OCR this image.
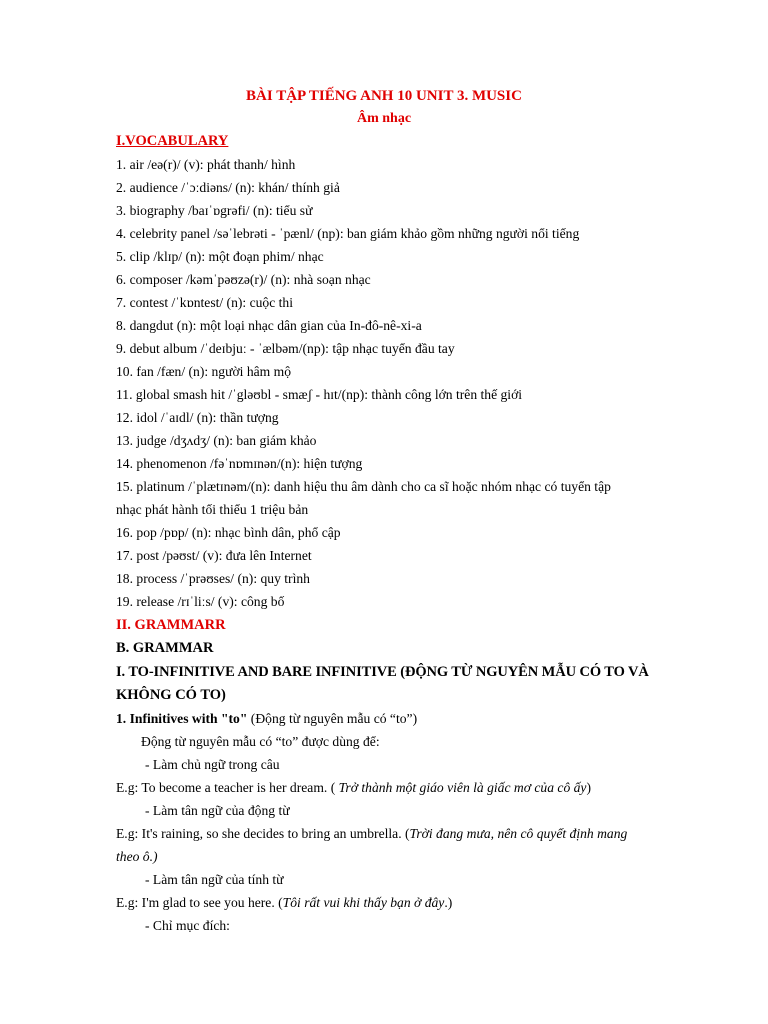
BÀI TẬP TIẾNG ANH 10 UNIT 3. MUSIC
Âm nhạc
I.VOCABULARY
1. air /eə(r)/ (v): phát thanh/ hình
2. audience /ˈɔːdiəns/ (n): khán/ thính giả
3. biography /baɪˈɒgrəfi/ (n): tiểu sử
4. celebrity panel /səˈlebrəti - ˈpænl/ (np): ban giám khảo gồm những người nổi tiếng
5. clip /klɪp/ (n): một đoạn phim/ nhạc
6. composer /kəmˈpəʊzə(r)/ (n): nhà soạn nhạc
7. contest /ˈkɒntest/ (n): cuộc thi
8. dangdut (n): một loại nhạc dân gian của In-đô-nê-xi-a
9. debut album /ˈdeɪbjuː - ˈælbəm/(np): tập nhạc tuyển đầu tay
10. fan /fæn/ (n): người hâm mộ
11. global smash hit /ˈgləʊbl - smæʃ - hɪt/(np): thành công lớn trên thế giới
12. idol /ˈaɪdl/ (n): thần tượng
13. judge /dʒʌdʒ/ (n): ban giám khảo
14. phenomenon /fəˈnɒmɪnən/(n): hiện tượng
15. platinum /ˈplætɪnəm/(n): danh hiệu thu âm dành cho ca sĩ hoặc nhóm nhạc có tuyển tập
nhạc phát hành tối thiểu 1 triệu bản
16. pop /pɒp/ (n): nhạc bình dân, phổ cập
17. post /pəʊst/ (v): đưa lên Internet
18. process /ˈprəʊses/ (n): quy trình
19. release /rɪˈliːs/ (v): công bố
II. GRAMMARR
B. GRAMMAR
I. TO-INFINITIVE AND BARE INFINITIVE (ĐỘNG TỪ NGUYÊN MẪU CÓ TO VÀ
KHÔNG CÓ TO)
1. Infinitives with "to" (Động từ nguyên mẫu có “to”)
Động từ nguyên mẫu có “to” được dùng để:
- Làm chủ ngữ trong câu
E.g: To become a teacher is her dream. ( Trở thành một giáo viên là giấc mơ của cô ấy)
- Làm tân ngữ của động từ
E.g: It's raining, so she decides to bring an umbrella. (Trời đang mưa, nên cô quyết định mang
theo ô.)
- Làm tân ngữ của tính từ
E.g: I'm glad to see you here. (Tôi rất vui khi thấy bạn ở đây.)
- Chỉ mục đích:
